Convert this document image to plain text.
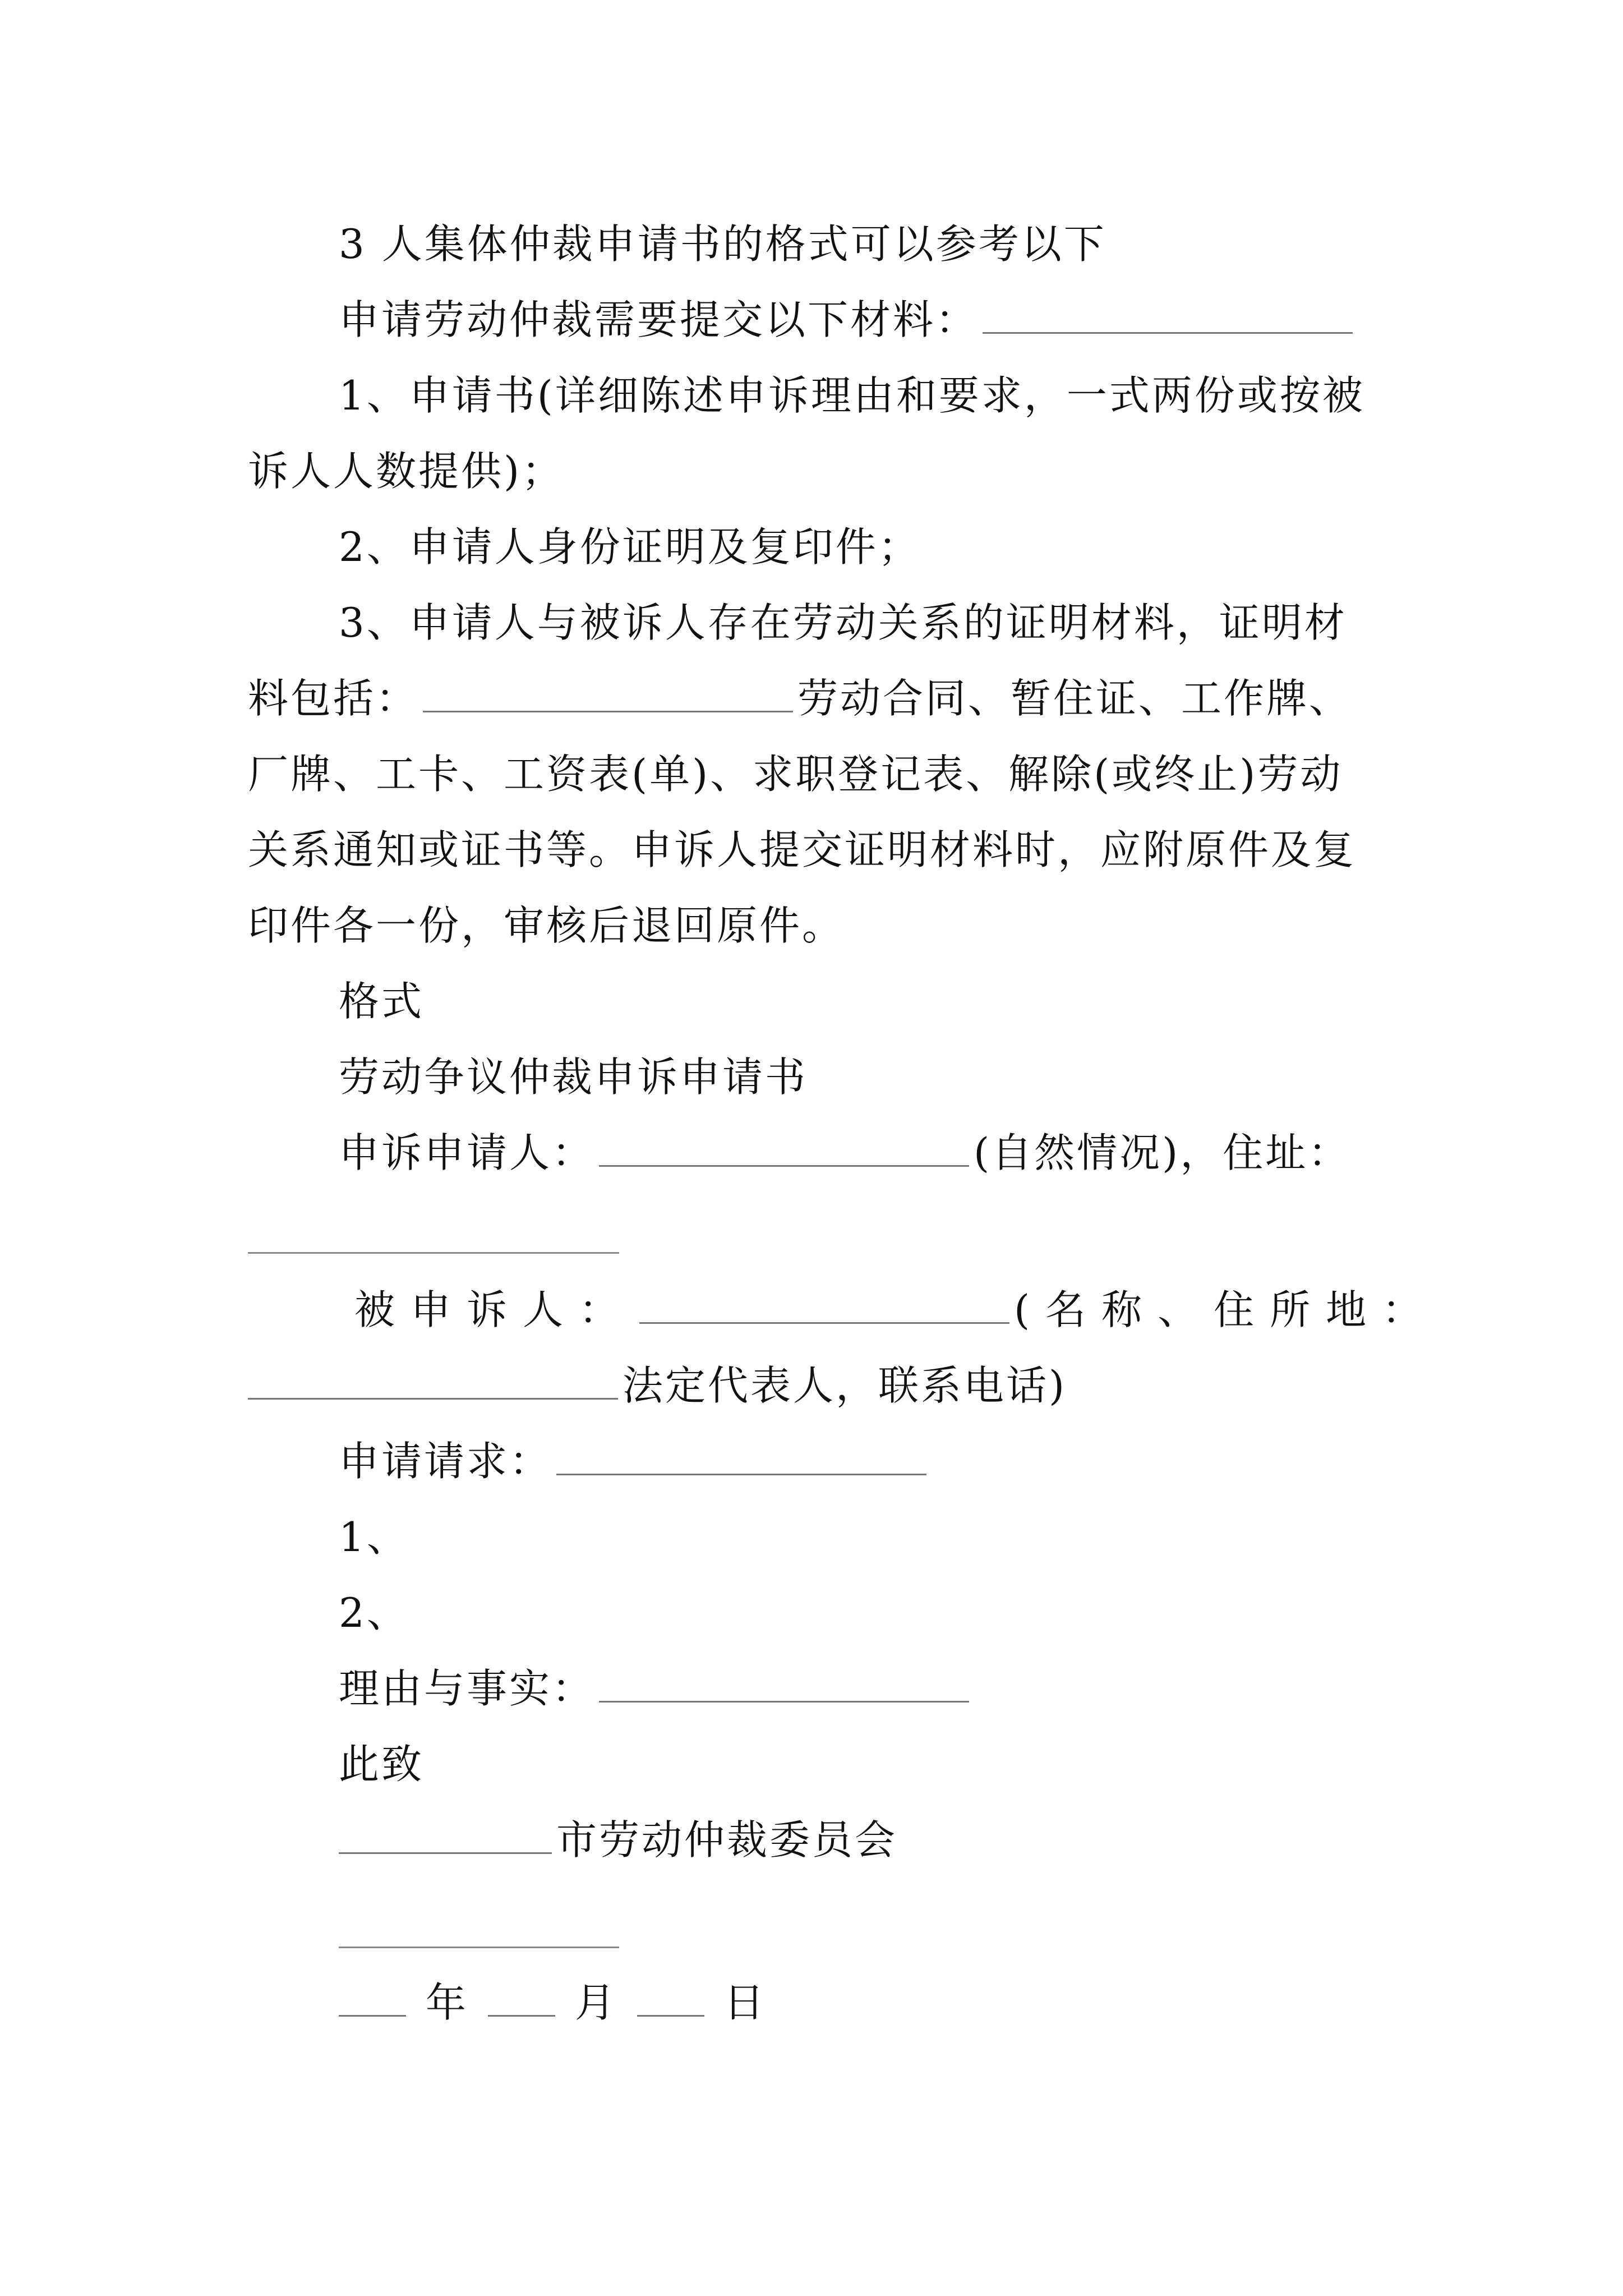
3 人集体仲裁申请书的格式可以参考以下
申请劳动仲裁需要提交以下材料：
1、申请书(详细陈述申诉理由和要求，一式两份或按被
诉人人数提供)；
2、申请人身份证明及复印件；
3、申请人与被诉人存在劳动关系的证明材料，证明材
料包括：	劳动合同、暂住证、工作牌、
厂牌、工卡、工资表(单)、求职登记表、解除(或终止)劳动
关系通知或证书等。申诉人提交证明材料时，应附原件及复
印件各一份，审核后退回原件。
格式
劳动争议仲裁申诉申请书
申诉申请人：	(自然情况)，住址：
被申诉人：	(名称、住所地：
法定代表人，联系电话)
申请请求：
1、
2、
理由与事实：
此致
市劳动仲裁委员会
年	月	日
